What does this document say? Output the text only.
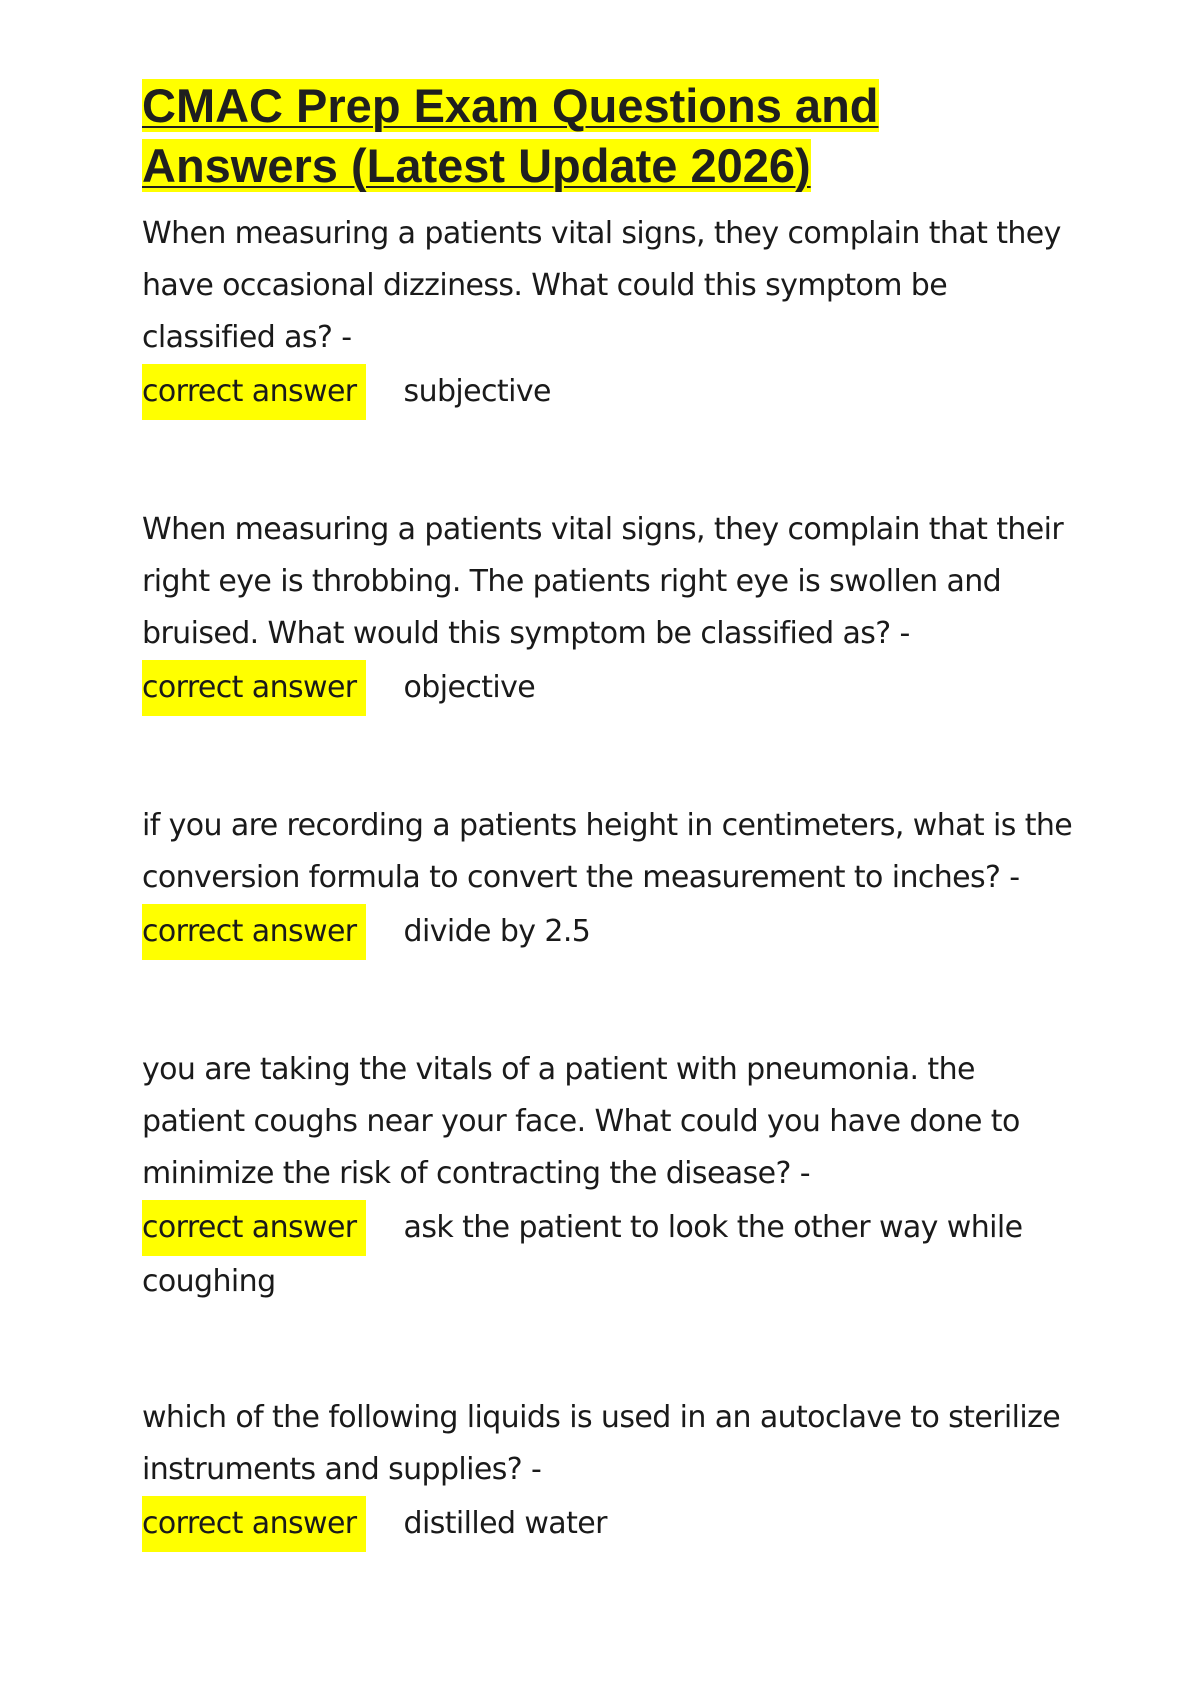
CMAC Prep Exam Questions and
Answers (Latest Update 2026)

When measuring a patients vital signs, they complain that they have occasional dizziness. What could this symptom be classified as? -

correct answer subjective

When measuring a patients vital signs, they complain that their right eye is throbbing. The patients right eye is swollen and bruised. What would this symptom be classified as? -

correct answer objective

if you are recording a patients height in centimeters, what is the conversion formula to convert the measurement to inches? -

correct answer divide by 2.5

you are taking the vitals of a patient with pneumonia. the patient coughs near your face. What could you have done to minimize the risk of contracting the disease? -

correct answer ask the patient to look the other way while coughing

which of the following liquids is used in an autoclave to sterilize instruments and supplies? -

correct answer distilled water
